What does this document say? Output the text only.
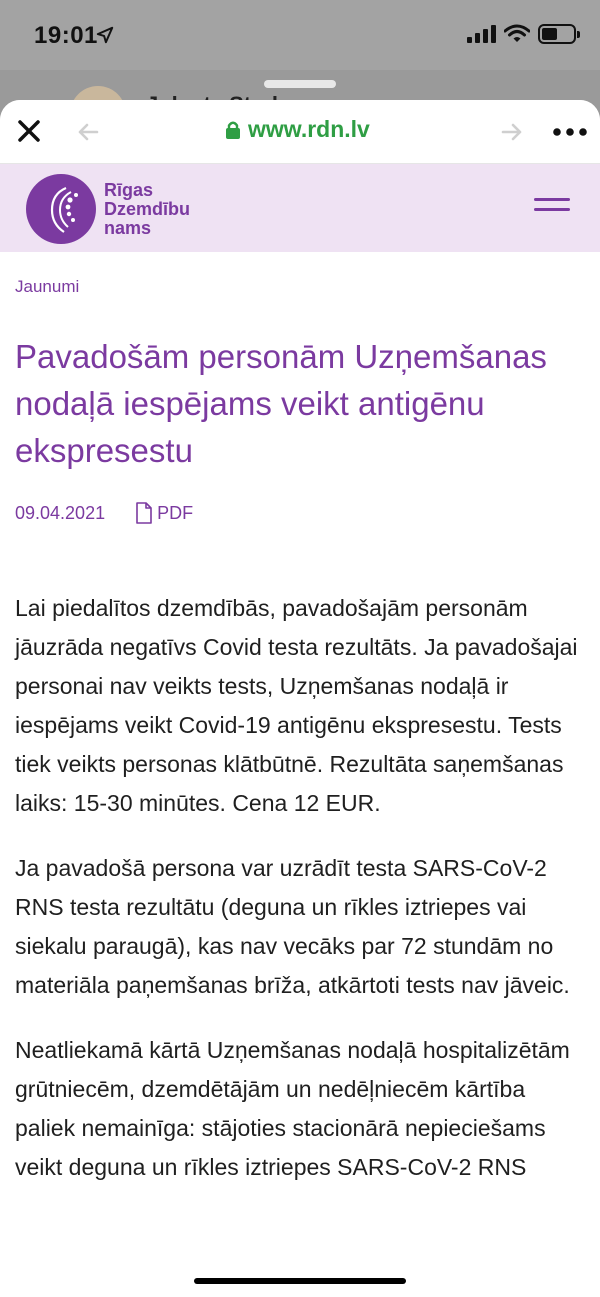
19:01
www.rdn.lv
Rīgas
Dzemdību
nams
Jaunumi
Pavadošām personām Uzņemšanas nodaļā iespējams veikt antigēnu ekspresestu
09.04.2021	PDF

Lai piedalītos dzemdībās, pavadošajām personām jāuzrāda negatīvs Covid testa rezultāts. Ja pavadošajai personai nav veikts tests, Uzņemšanas nodaļā ir iespējams veikt Covid-19 antigēnu ekspresestu. Tests tiek veikts personas klātbūtnē. Rezultāta saņemšanas laiks: 15-30 minūtes. Cena 12 EUR.

Ja pavadošā persona var uzrādīt testa SARS-CoV-2 RNS testa rezultātu (deguna un rīkles iztriepes vai siekalu paraugā), kas nav vecāks par 72 stundām no materiāla paņemšanas brīža, atkārtoti tests nav jāveic.

Neatliekamā kārtā Uzņemšanas nodaļā hospitalizētām grūtniecēm, dzemdētājām un nedēļniecēm kārtība paliek nemainīga: stājoties stacionārā nepieciešams veikt deguna un rīkles iztriepes SARS-CoV-2 RNS
